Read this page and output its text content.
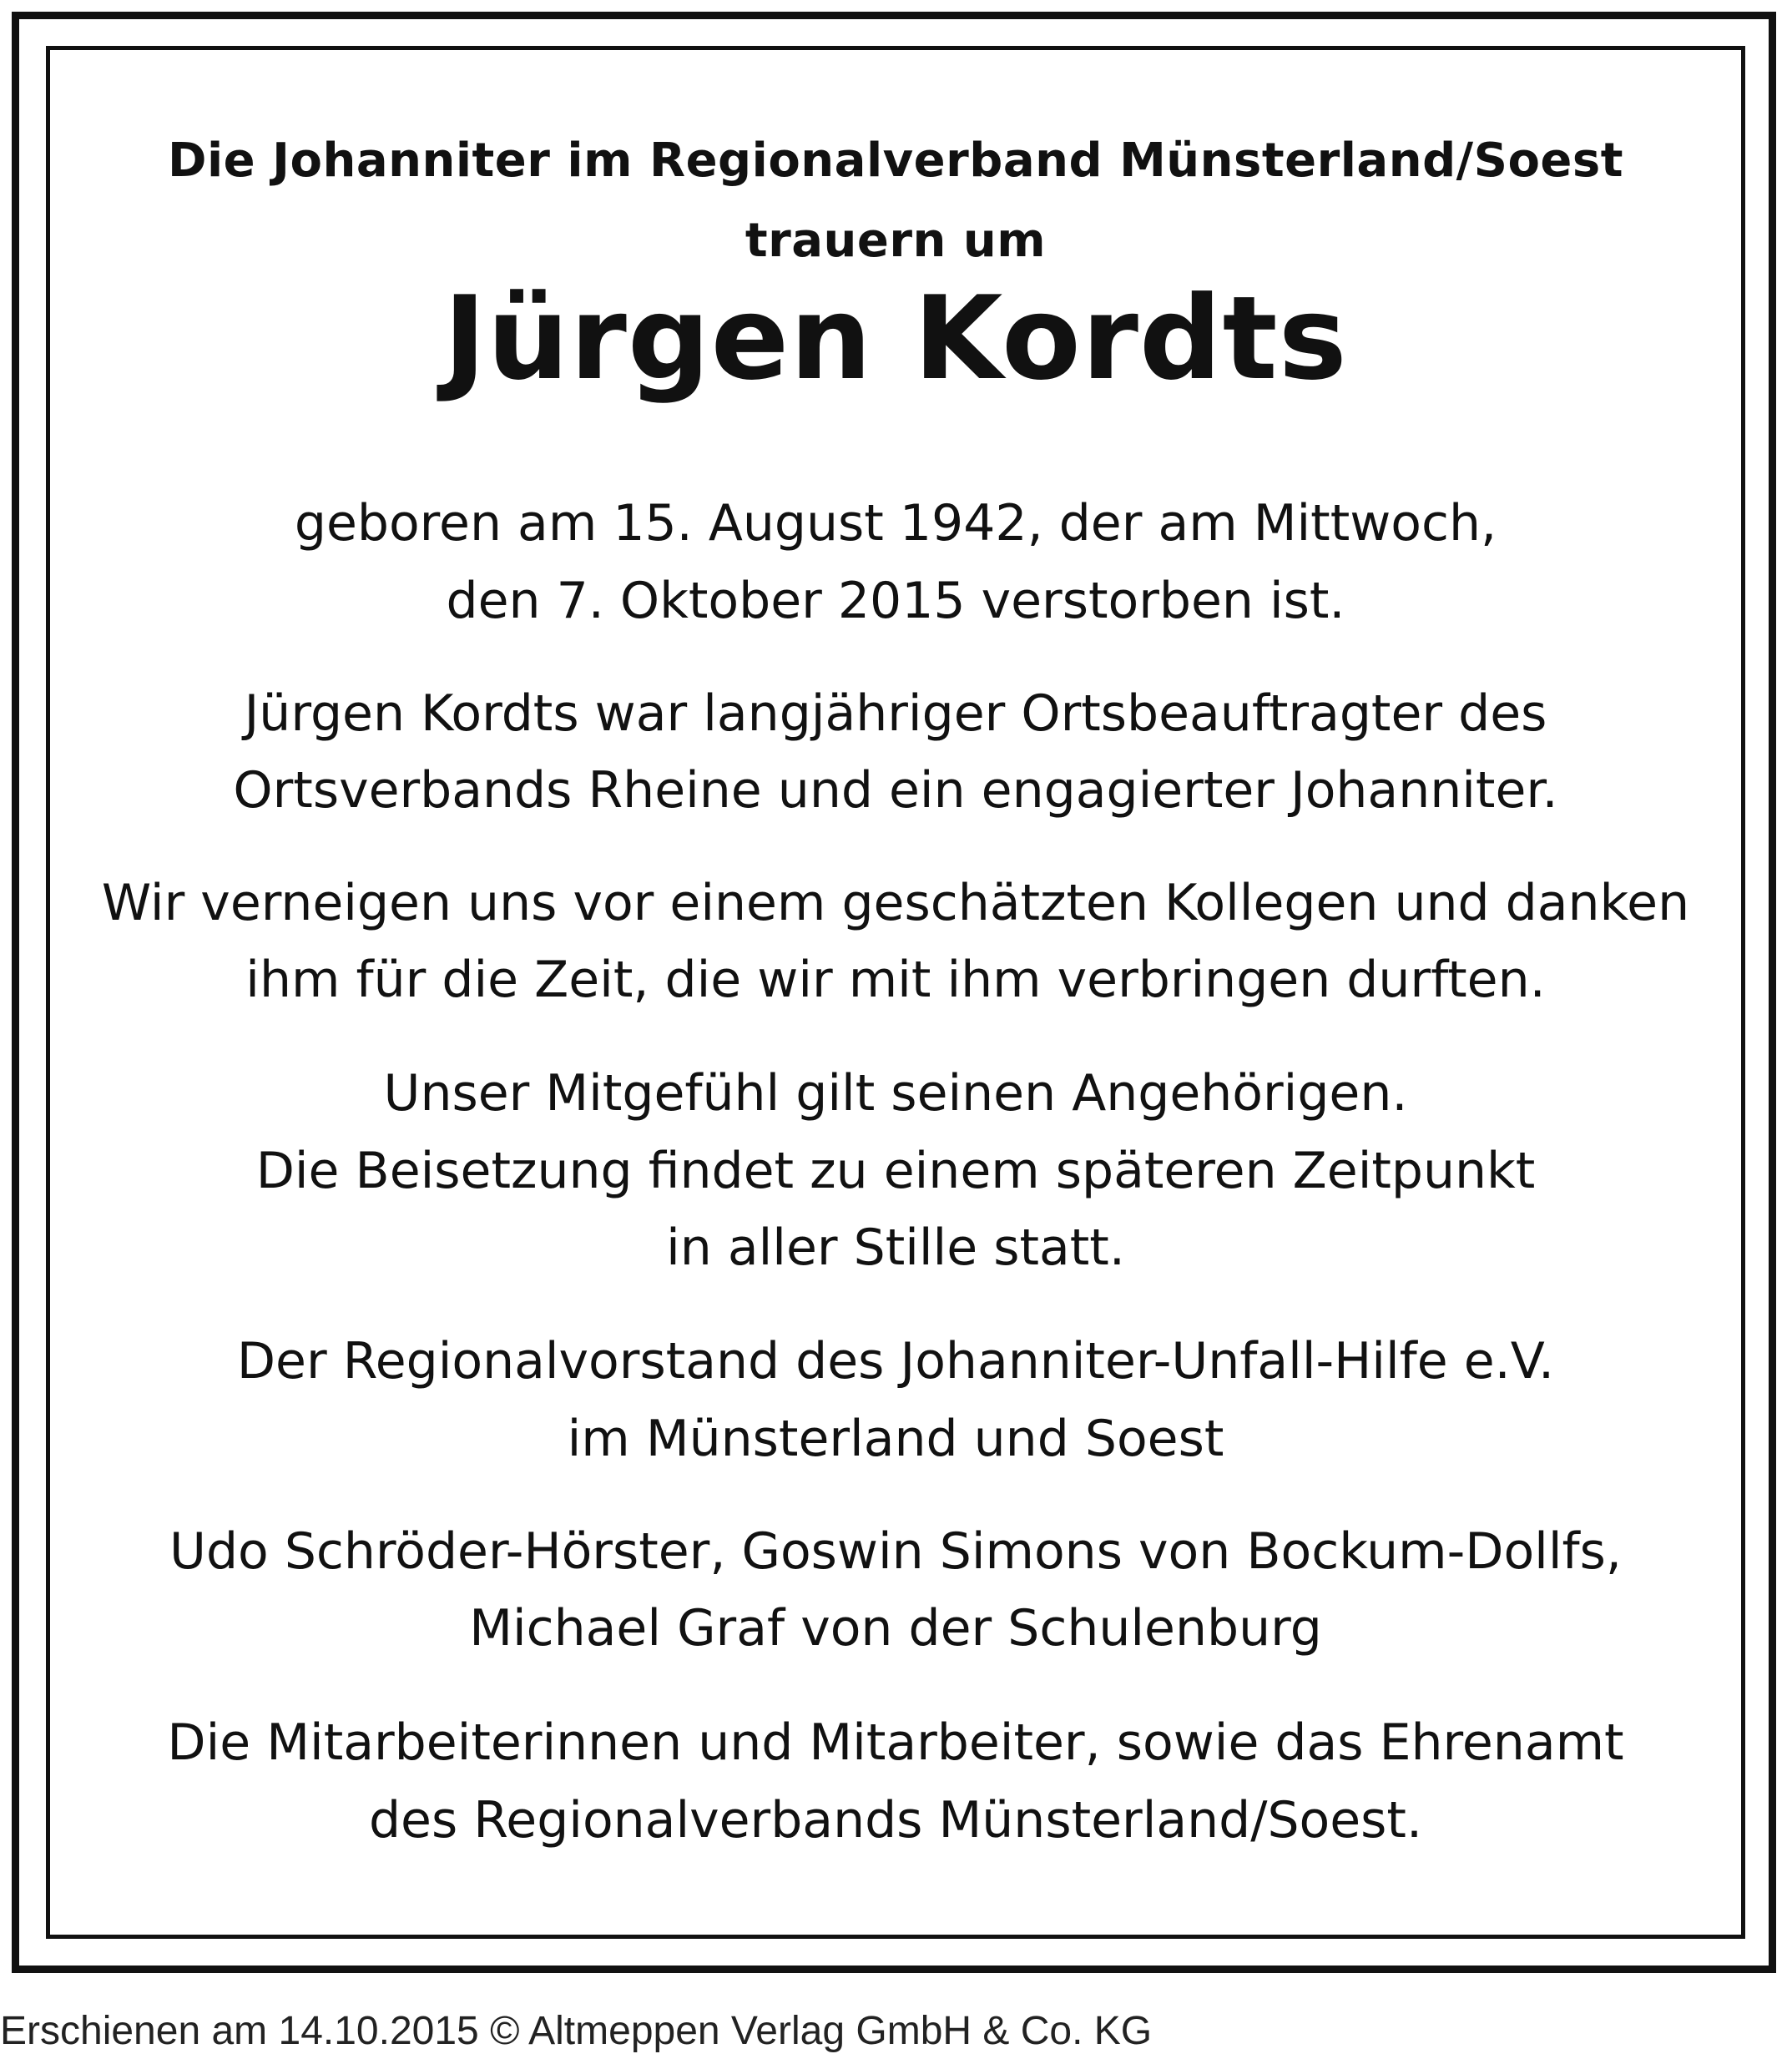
Die Johanniter im Regionalverband Münsterland/Soest

trauern um

Jürgen Kordts

geboren am 15. August 1942, der am Mittwoch,

den 7. Oktober 2015 verstorben ist.

Jürgen Kordts war langjähriger Ortsbeauftragter des

Ortsverbands Rheine und ein engagierter Johanniter.

Wir verneigen uns vor einem geschätzten Kollegen und danken

ihm für die Zeit, die wir mit ihm verbringen durften.

Unser Mitgefühl gilt seinen Angehörigen.

Die Beisetzung findet zu einem späteren Zeitpunkt

in aller Stille statt.

Der Regionalvorstand des Johanniter-Unfall-Hilfe e.V.

im Münsterland und Soest

Udo Schröder-Hörster, Goswin Simons von Bockum-Dollfs,

Michael Graf von der Schulenburg

Die Mitarbeiterinnen und Mitarbeiter, sowie das Ehrenamt

des Regionalverbands Münsterland/Soest.

Erschienen am 14.10.2015 © Altmeppen Verlag GmbH & Co. KG
